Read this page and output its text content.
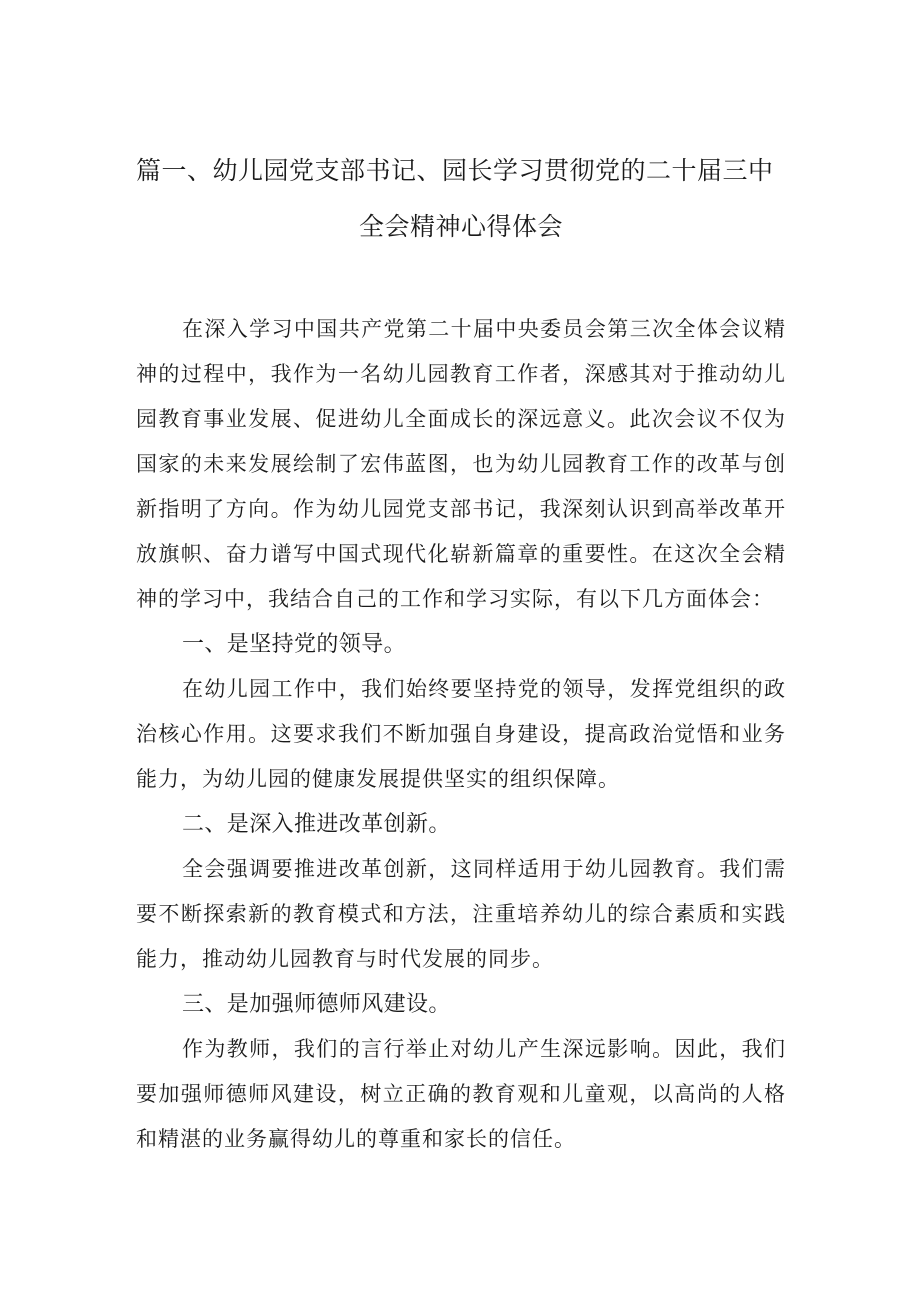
篇一、幼儿园党支部书记、园长学习贯彻党的二十届三中
全会精神心得体会

在深入学习中国共产党第二十届中央委员会第三次全体会议精神的过程中，我作为一名幼儿园教育工作者，深感其对于推动幼儿园教育事业发展、促进幼儿全面成长的深远意义。此次会议不仅为国家的未来发展绘制了宏伟蓝图，也为幼儿园教育工作的改革与创新指明了方向。作为幼儿园党支部书记，我深刻认识到高举改革开放旗帜、奋力谱写中国式现代化崭新篇章的重要性。在这次全会精神的学习中，我结合自己的工作和学习实际，有以下几方面体会：

一、是坚持党的领导。

在幼儿园工作中，我们始终要坚持党的领导，发挥党组织的政治核心作用。这要求我们不断加强自身建设，提高政治觉悟和业务能力，为幼儿园的健康发展提供坚实的组织保障。

二、是深入推进改革创新。

全会强调要推进改革创新，这同样适用于幼儿园教育。我们需要不断探索新的教育模式和方法，注重培养幼儿的综合素质和实践能力，推动幼儿园教育与时代发展的同步。

三、是加强师德师风建设。

作为教师，我们的言行举止对幼儿产生深远影响。因此，我们要加强师德师风建设，树立正确的教育观和儿童观，以高尚的人格和精湛的业务赢得幼儿的尊重和家长的信任。
